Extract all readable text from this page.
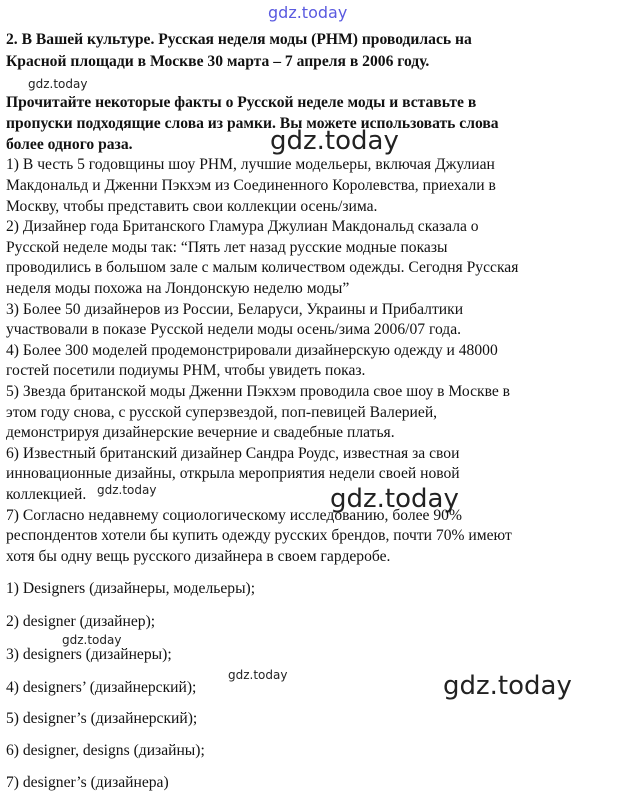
gdz.today
gdz.today
gdz.today
gdz.today	gdz.today
gdz.today
gdz.today	gdz.today
2. В Вашей культуре. Русская неделя моды (РНМ) проводилась на
Красной площади в Москве 30 марта – 7 апреля в 2006 году.
Прочитайте некоторые факты о Русской неделе моды и вставьте в
пропуски подходящие слова из рамки. Вы можете использовать слова
более одного раза.
1) В честь 5 годовщины шоу РНМ, лучшие модельеры, включая Джулиан
Макдональд и Дженни Пэкхэм из Соединенного Королевства, приехали в
Москву, чтобы представить свои коллекции осень/зима.
2) Дизайнер года Британского Гламура Джулиан Макдональд сказала о
Русской неделе моды так: “Пять лет назад русские модные показы
проводились в большом зале с малым количеством одежды. Сегодня Русская
неделя моды похожа на Лондонскую неделю моды”
3) Более 50 дизайнеров из России, Беларуси, Украины и Прибалтики
участвовали в показе Русской недели моды осень/зима 2006/07 года.
4) Более 300 моделей продемонстрировали дизайнерскую одежду и 48000
гостей посетили подиумы РНМ, чтобы увидеть показ.
5) Звезда британской моды Дженни Пэкхэм проводила свое шоу в Москве в
этом году снова, с русской суперзвездой, поп-певицей Валерией,
демонстрируя дизайнерские вечерние и свадебные платья.
6) Известный британский дизайнер Сандра Роудс, известная за свои
инновационные дизайны, открыла мероприятия недели своей новой
коллекцией.
7) Согласно недавнему социологическому исследованию, более 90%
респондентов хотели бы купить одежду русских брендов, почти 70% имеют
хотя бы одну вещь русского дизайнера в своем гардеробе.
1) Designers (дизайнеры, модельеры);
2) designer (дизайнер);
3) designers (дизайнеры);
4) designers’ (дизайнерский);
5) designer’s (дизайнерский);
6) designer, designs (дизайны);
7) designer’s (дизайнера)
